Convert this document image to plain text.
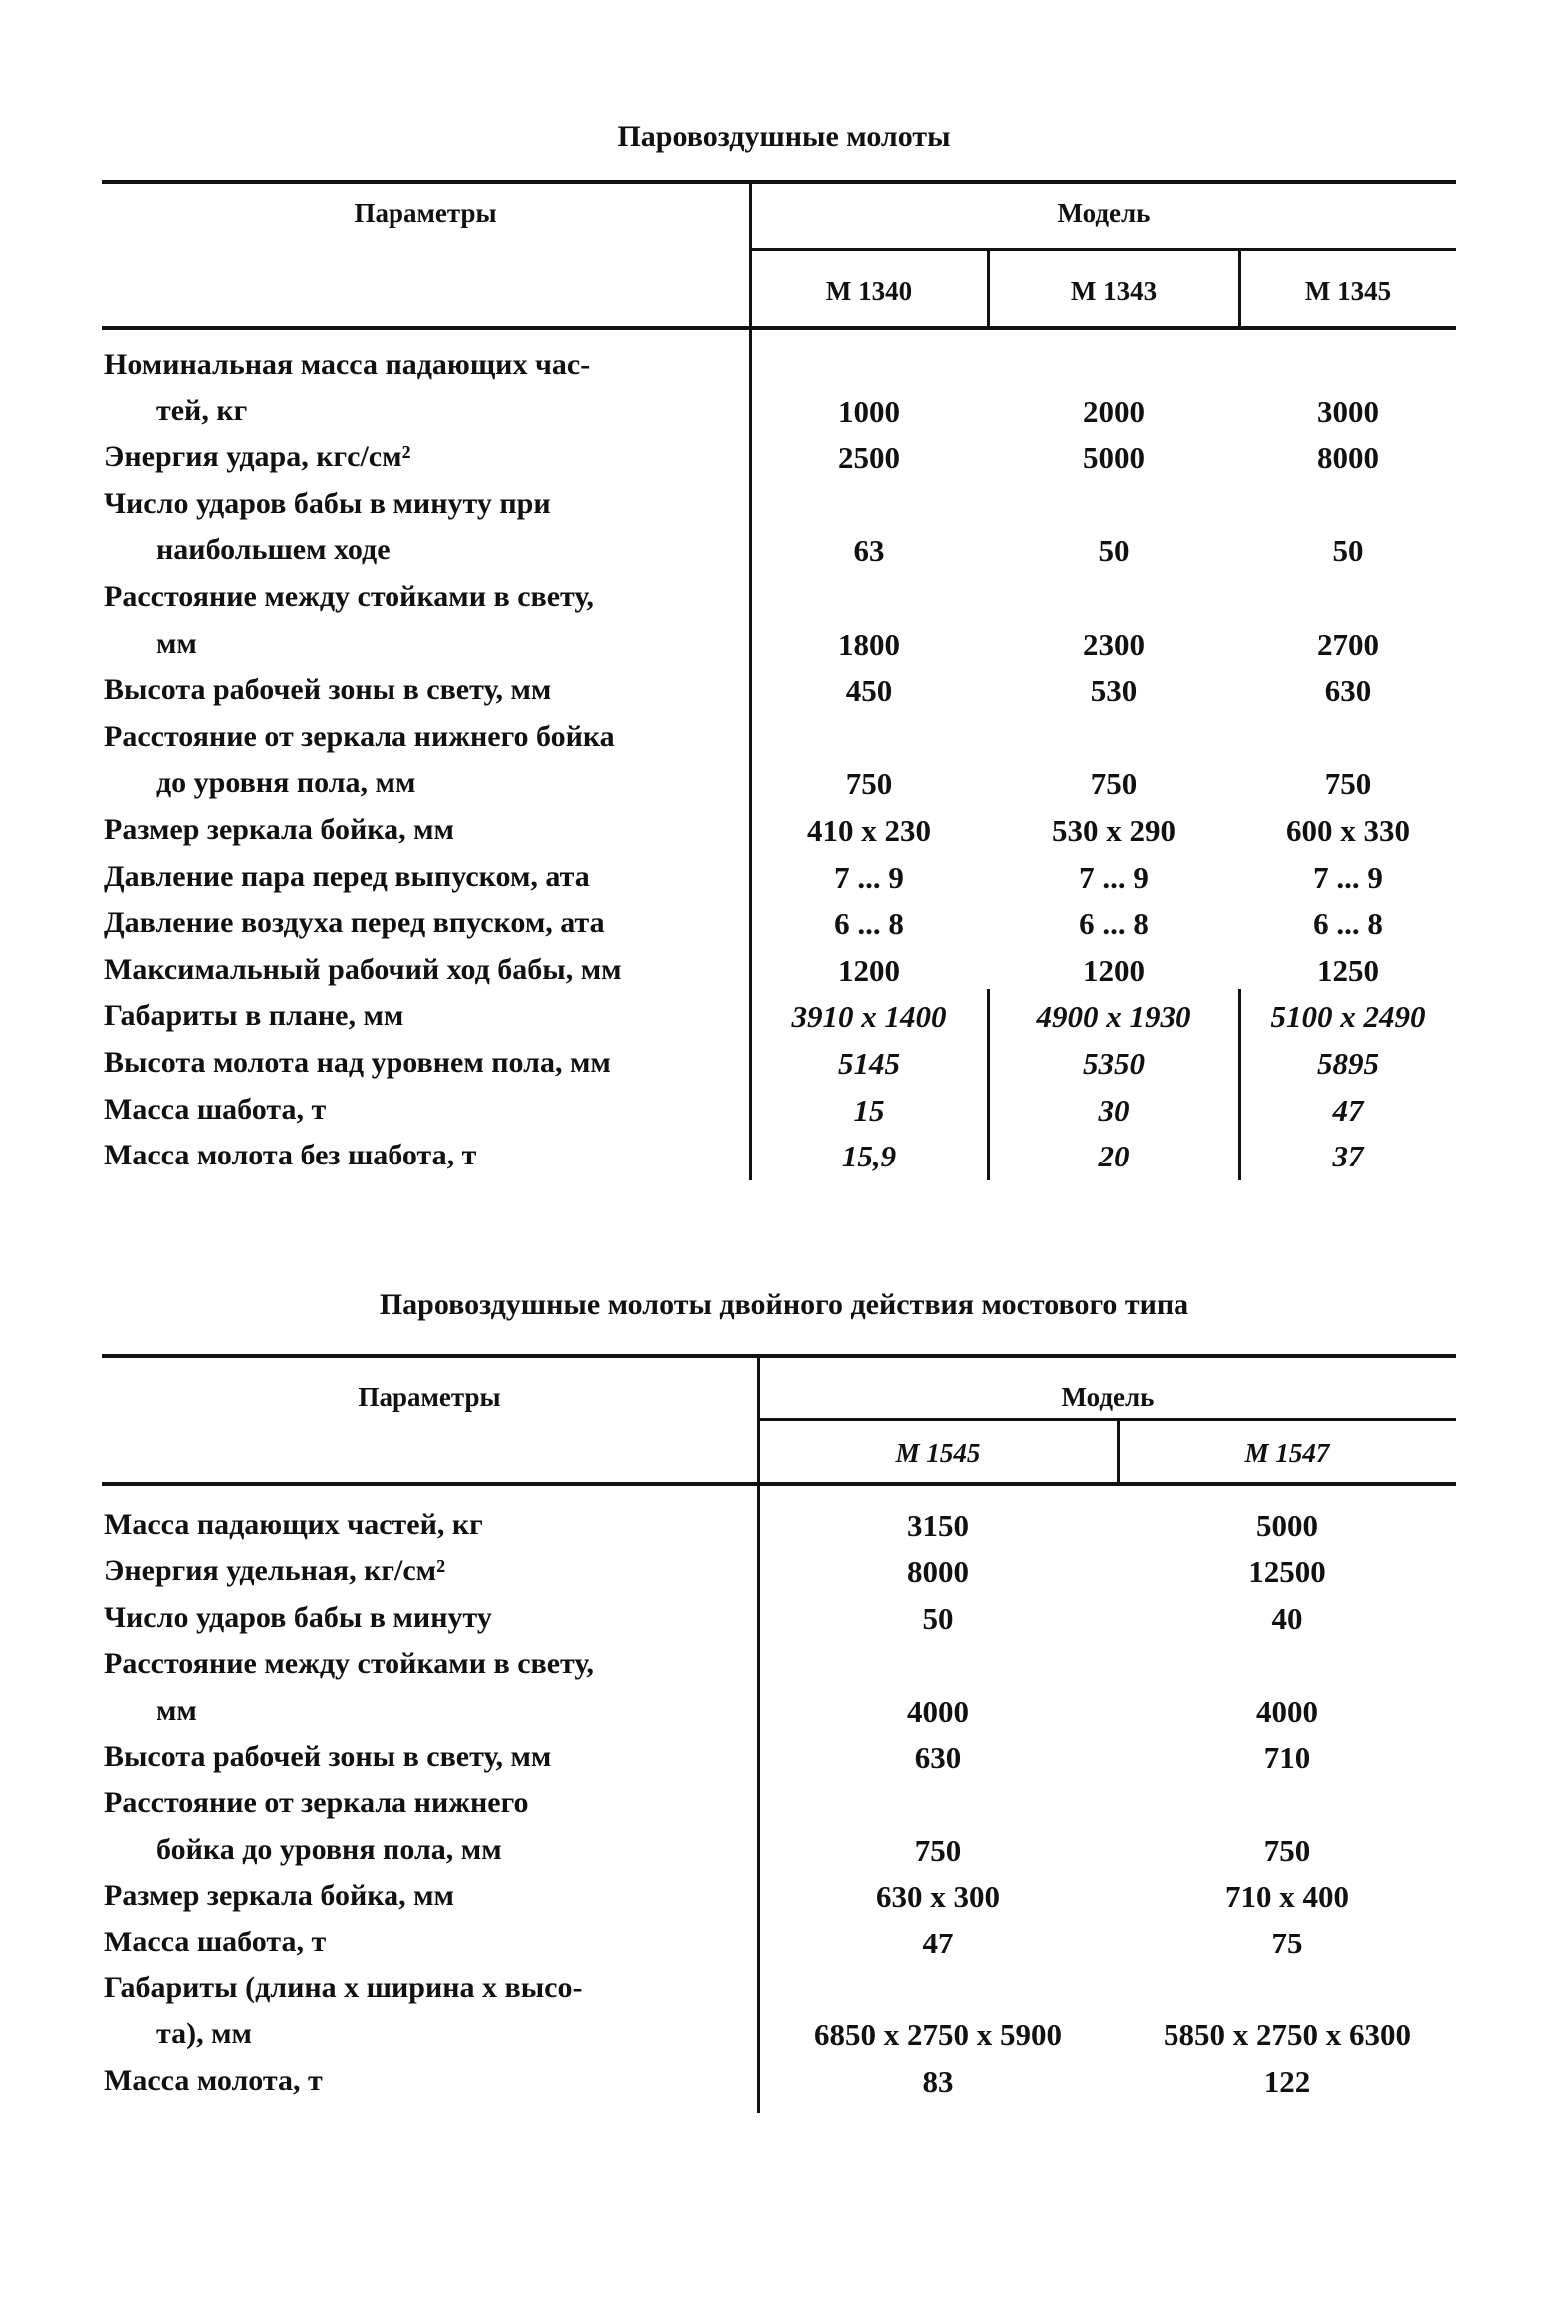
Паровоздушные молоты
Параметры	Модель
М 1340	М 1343	М 1345
Номинальная масса падающих час-
тей, кг	1000	2000	3000
Энергия удара, кгс/см²	2500	5000	8000
Число ударов бабы в минуту при
наибольшем ходе	63	50	50
Расстояние между стойками в свету,
мм	1800	2300	2700
Высота рабочей зоны в свету, мм	450	530	630
Расстояние от зеркала нижнего бойка
до уровня пола, мм	750	750	750
Размер зеркала бойка, мм	410 x 230	530 x 290	600 x 330
Давление пара перед выпуском, ата	7 ... 9	7 ... 9	7 ... 9
Давление воздуха перед впуском, ата	6 ... 8	6 ... 8	6 ... 8
Максимальный рабочий ход бабы, мм	1200	1200	1250
Габариты в плане, мм	3910 x 1400	4900 x 1930	5100 x 2490
Высота молота над уровнем пола, мм	5145	5350	5895
Масса шабота, т	15	30	47
Масса молота без шабота, т	15,9	20	37
Паровоздушные молоты двойного действия мостового типа
Параметры	Модель
М 1545	М 1547
Масса падающих частей, кг	3150	5000
Энергия удельная, кг/см²	8000	12500
Число ударов бабы в минуту	50	40
Расстояние между стойками в свету,
мм	4000	4000
Высота рабочей зоны в свету, мм	630	710
Расстояние от зеркала нижнего
бойка до уровня пола, мм	750	750
Размер зеркала бойка, мм	630 x 300	710 x 400
Масса шабота, т	47	75
Габариты (длина х ширина х высо-
та), мм	6850 x 2750 x 5900	5850 x 2750 x 6300
Масса молота, т	83	122
